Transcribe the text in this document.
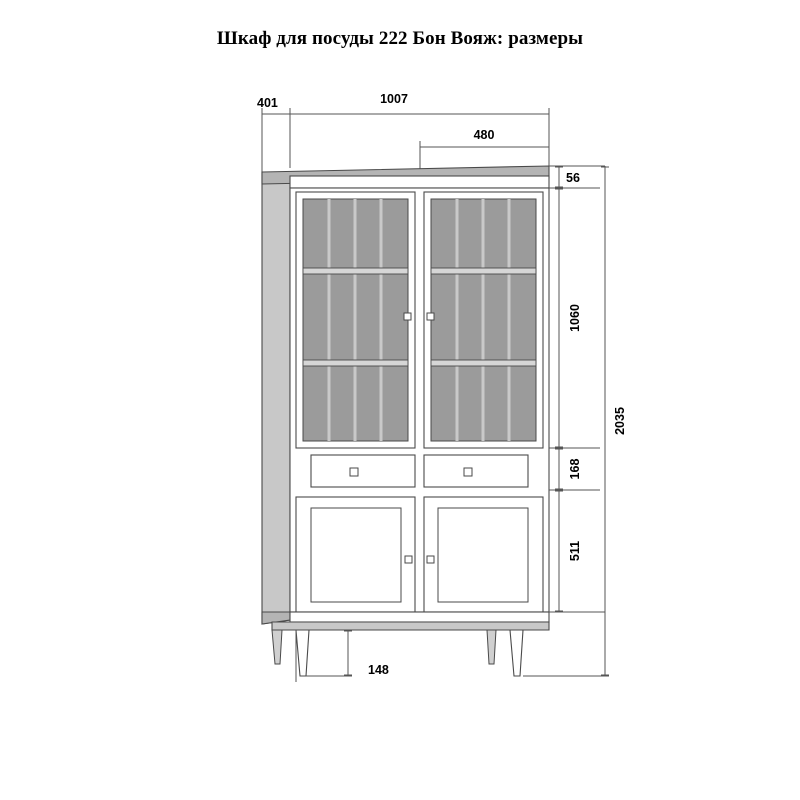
Шкаф для посуды 222 Бон Вояж: размеры
401	1007
480
56
1060
168
511
2035
148
